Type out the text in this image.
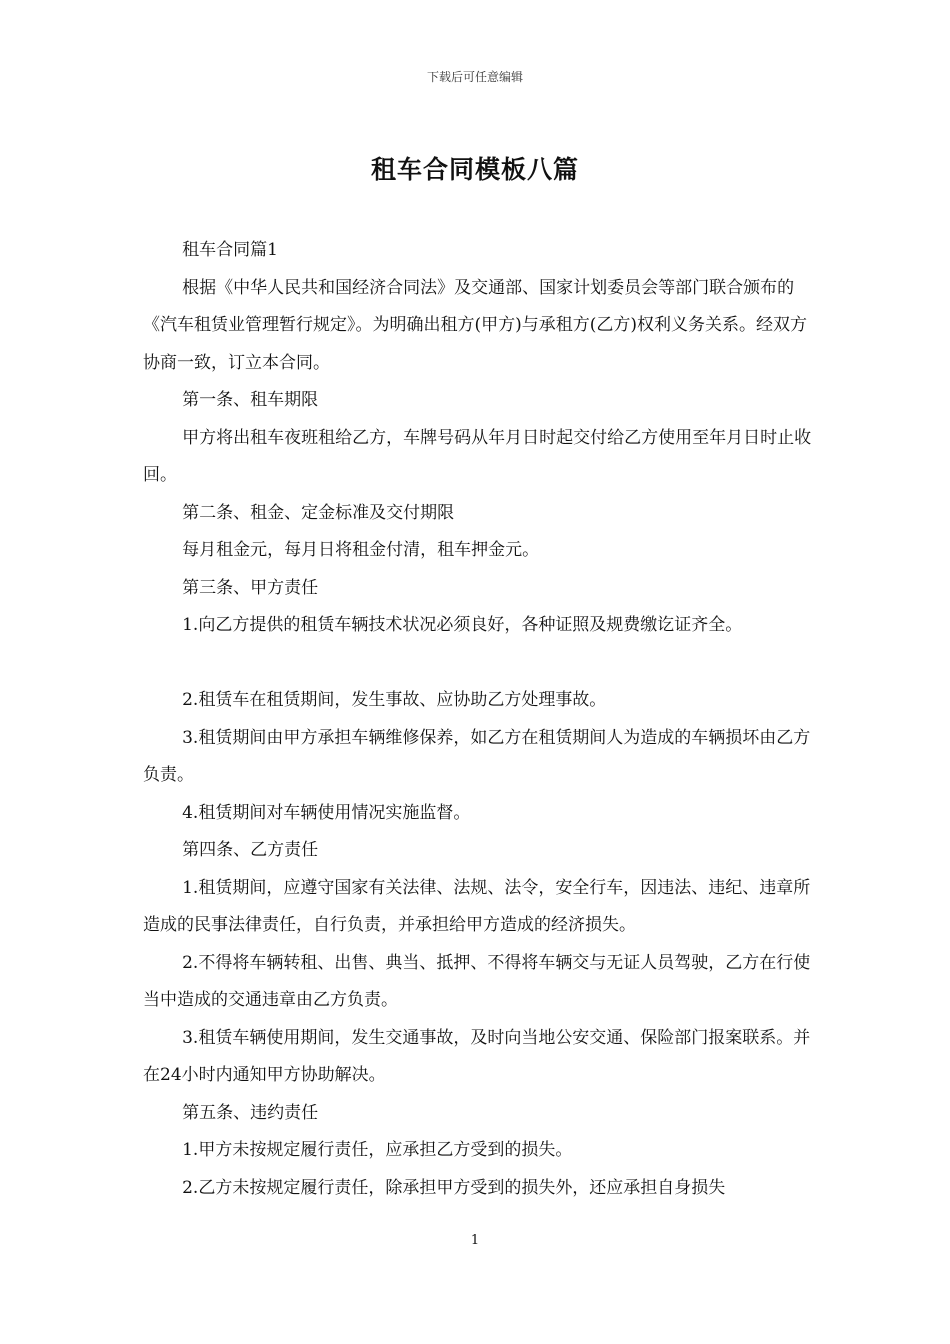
下载后可任意编辑
租车合同模板八篇

租车合同篇1

根据《中华人民共和国经济合同法》及交通部、国家计划委员会等部门联合颁布的《汽车租赁业管理暂行规定》。为明确出租方(甲方)与承租方(乙方)权利义务关系。经双方协商一致，订立本合同。

第一条、租车期限

甲方将出租车夜班租给乙方，车牌号码从年月日时起交付给乙方使用至年月日时止收回。

第二条、租金、定金标准及交付期限

每月租金元，每月日将租金付清，租车押金元。

第三条、甲方责任

1.向乙方提供的租赁车辆技术状况必须良好，各种证照及规费缴讫证齐全。

2.租赁车在租赁期间，发生事故、应协助乙方处理事故。

3.租赁期间由甲方承担车辆维修保养，如乙方在租赁期间人为造成的车辆损坏由乙方负责。

4.租赁期间对车辆使用情况实施监督。

第四条、乙方责任

1.租赁期间，应遵守国家有关法律、法规、法令，安全行车，因违法、违纪、违章所造成的民事法律责任，自行负责，并承担给甲方造成的经济损失。

2.不得将车辆转租、出售、典当、抵押、不得将车辆交与无证人员驾驶，乙方在行使当中造成的交通违章由乙方负责。

3.租赁车辆使用期间，发生交通事故，及时向当地公安交通、保险部门报案联系。并在24小时内通知甲方协助解决。

第五条、违约责任

1.甲方未按规定履行责任，应承担乙方受到的损失。

2.乙方未按规定履行责任，除承担甲方受到的损失外，还应承担自身损失

1
